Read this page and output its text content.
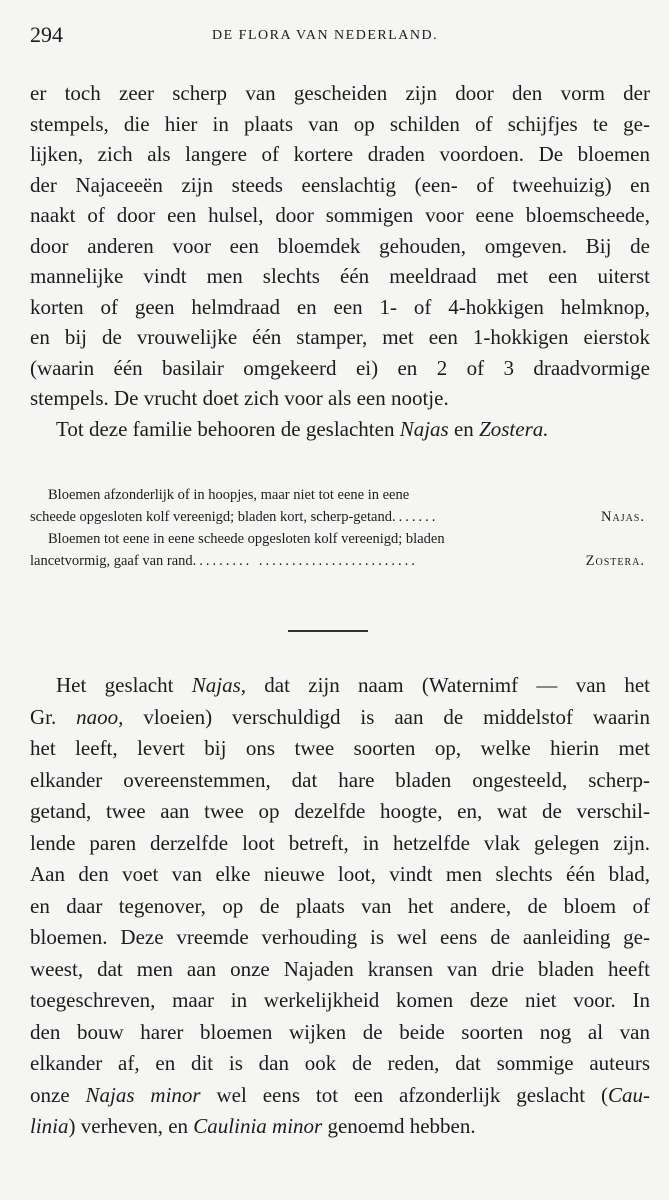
294	DE FLORA VAN NEDERLAND.
er toch zeer scherp van gescheiden zijn door den vorm der
stempels, die hier in plaats van op schilden of schijfjes te ge-
lijken, zich als langere of kortere draden voordoen. De bloemen
der Najaceeën zijn steeds eenslachtig (een- of tweehuizig) en
naakt of door een hulsel, door sommigen voor eene bloemscheede,
door anderen voor een bloemdek gehouden, omgeven. Bij de
mannelijke vindt men slechts één meeldraad met een uiterst
korten of geen helmdraad en een 1- of 4-hokkigen helmknop,
en bij de vrouwelijke één stamper, met een 1-hokkigen eierstok
(waarin één basilair omgekeerd ei) en 2 of 3 draadvormige
stempels. De vrucht doet zich voor als een nootje.
Tot deze familie behooren de geslachten Najas en Zostera.
Bloemen afzonderlijk of in hoopjes, maar niet tot eene in eene
scheede opgesloten kolf vereenigd; bladen kort, scherp-getand .......	Najas.
Bloemen tot eene in eene scheede opgesloten kolf vereenigd; bladen
lancetvormig, gaaf van rand ......... ........................	Zostera.
Het geslacht Najas, dat zijn naam (Waternimf — van het
Gr. naoo, vloeien) verschuldigd is aan de middelstof waarin
het leeft, levert bij ons twee soorten op, welke hierin met
elkander overeenstemmen, dat hare bladen ongesteeld, scherp-
getand, twee aan twee op dezelfde hoogte, en, wat de verschil-
lende paren derzelfde loot betreft, in hetzelfde vlak gelegen zijn.
Aan den voet van elke nieuwe loot, vindt men slechts één blad,
en daar tegenover, op de plaats van het andere, de bloem of
bloemen. Deze vreemde verhouding is wel eens de aanleiding ge-
weest, dat men aan onze Najaden kransen van drie bladen heeft
toegeschreven, maar in werkelijkheid komen deze niet voor. In
den bouw harer bloemen wijken de beide soorten nog al van
elkander af, en dit is dan ook de reden, dat sommige auteurs
onze Najas minor wel eens tot een afzonderlijk geslacht (Cau-
linia) verheven, en Caulinia minor genoemd hebben.
